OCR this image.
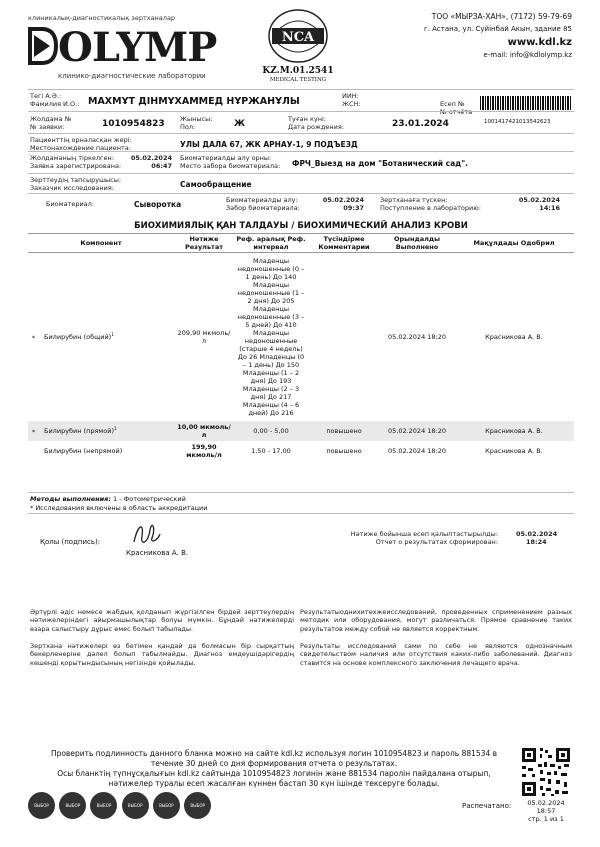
клиникалық-диагностикалық зертханалар
OLYMP
клинико-диагностические лаборатории
NCA
KZ.M.01.2541
MEDICAL TESTING
ТОО «МЫРЗА-ХАН», (7172) 59-79-69
г. Астана, ул. Суйінбай Акын, здание 85
www.kdl.kz
e-mail: info@kdlolymp.kz
Тегі А.Ә.:
Фамилия И.О.: МАХМҰТ ДІНМҰХАММЕД НҰРЖАНҰЛЫ	ИИН:
ЖСН:	Есеп №
№ отчёта
1001417421013542623
Жолдама №
№ заявки:	1010954823 Жынысы:
Пол:	Ж	Туған күні:
Дата рождения:	23.01.2024
Пациенттің орналасқан жері:
Местонахождение пациента:	УЛЫ ДАЛА 67, ЖК АРНАУ-1, 9 ПОДЪЕЗД
Жолдаманың тіркелген:
Заявка зарегистрирована:
05.02.2024
06:47
Биоматериалды алу орны:
Место забора биоматериала: ФРЧ_Выезд на дом "Ботанический сад".
Зерттеудің тапсырушысы:
Заказчик исследования:	Самообращение
Биоматериал:	Сыворотка	Биоматериалды алу:
Забор биоматериала:
05.02.2024
09:37
Зертханаға түскен:
Поступление в лабораторию:
05.02.2024
14:16
БИОХИМИЯЛЫҚ ҚАН ТАЛДАУЫ / БИОХИМИЧЕСКИЙ АНАЛИЗ КРОВИ
Компонент	Нәтиже Результат	Реф. аралық Реф. интервал	Түсіндірме Комментарии	Орындалды Выполнено	Мақұлдады Одобрил
* Билирубин (общий)$^1$	209,90 мкмоль/л	Младенцы недоношенные (0 – 1 день) До 140 Младенцы недоношенные (1 – 2 дня) До 205 Младенцы недоношенные (3 – 5 дней) До 410 Младенцы недоношенные (старше 4 недель) До 26 Младенцы (0 – 1 день) До 150 Младенцы (1 – 2 дня) До 193 Младенцы (2 – 3 дня) До 217 Младенцы (4 – 6 дней) До 216		05.02.2024 18:20	Красникова А. В.
* Билирубин (прямой)$^1$	10,00 мкмоль/л	0,00 - 5,00	повышено	05.02.2024 18:20	Красникова А. В.
Билирубин (непрямой)	199,90 мкмоль/л	1,50 - 17,00	повышено	05.02.2024 18:20	Красникова А. В.
Методы выполнения: 1 - Фотометрический
* Исследования включены в область аккредитации
Қолы (подпись):
Красникова А. В.
Нәтиже бойынша есеп қалыптастырылды:
Отчет о результатах сформирован:
05.02.2024
18:24
Әртүрлі әдіс немесе жабдық қолданып жүргізілген бірдей зерттеулердің нәтижелеріндегі айырмашылықтар болуы мүмкін. Бұндай нәтижелерді өзара салыстыру дұрыс емес болып табылады.
Результатыоднихитехжеисследований, проведенных сприменением разных методик или оборудования, могут различаться. Прямое сравнение таких результатов между собой не является корректным.
Зертхана нәтижелері өз бетімен қандай да болмасын бір сырқаттың бекерленеріне дәлел болып табылмайды. Диагноз емдеушідәрігердің кешенді қорытындысының негізінде қойылады.
Результаты исследований сами по себе не являются однозначным свидетельством наличия или отсутствия каких-либо заболеваний. Диагноз ставится на основе комплексного заключения лечащего врача.
Проверить подлинность данного бланка можно на сайте kdl.kz используя логин 1010954823 и пароль 881534 в
течение 30 дней со дня формирования отчета о результатах.
Осы бланктің түпнұсқалығын kdl.kz сайтында 1010954823 логинін және 881534 паролін пайдалана отырып,
нәтижелер туралы есеп жасалған күннен бастап 30 күн ішінде тексеруге болады.
ВЫБОР ГОДА ВЫБОР ГОДА ВЫБОР ГОДА ВЫБОР ГОДА ВЫБОР ГОДА ВЫБОР ГОДА
Распечатано:	05.02.2024
18:57
стр. 1 из 1
